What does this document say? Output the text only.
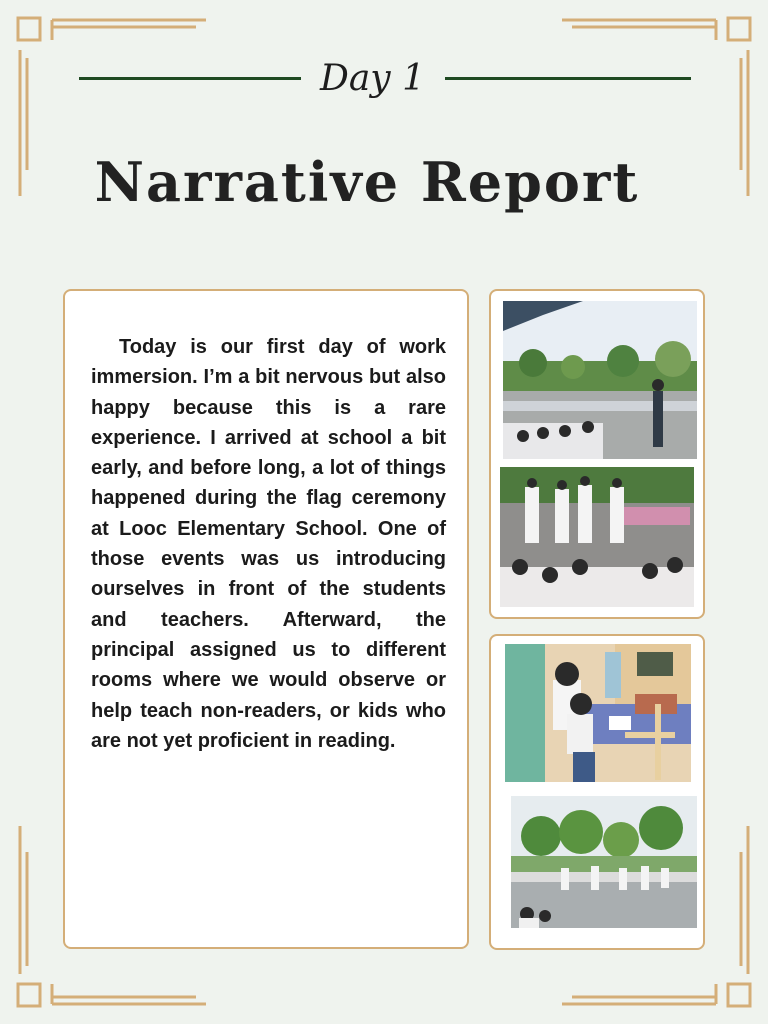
Day 1
Narrative Report

Today is our first day of work immersion. I’m a bit nervous but also happy because this is a rare experience. I arrived at school a bit early, and before long, a lot of things happened during the flag ceremony at Looc Elementary School. One of those events was us introducing ourselves in front of the students and teachers. Afterward, the principal assigned us to different rooms where we would observe or help teach non-readers, or kids who are not yet proficient in reading.
